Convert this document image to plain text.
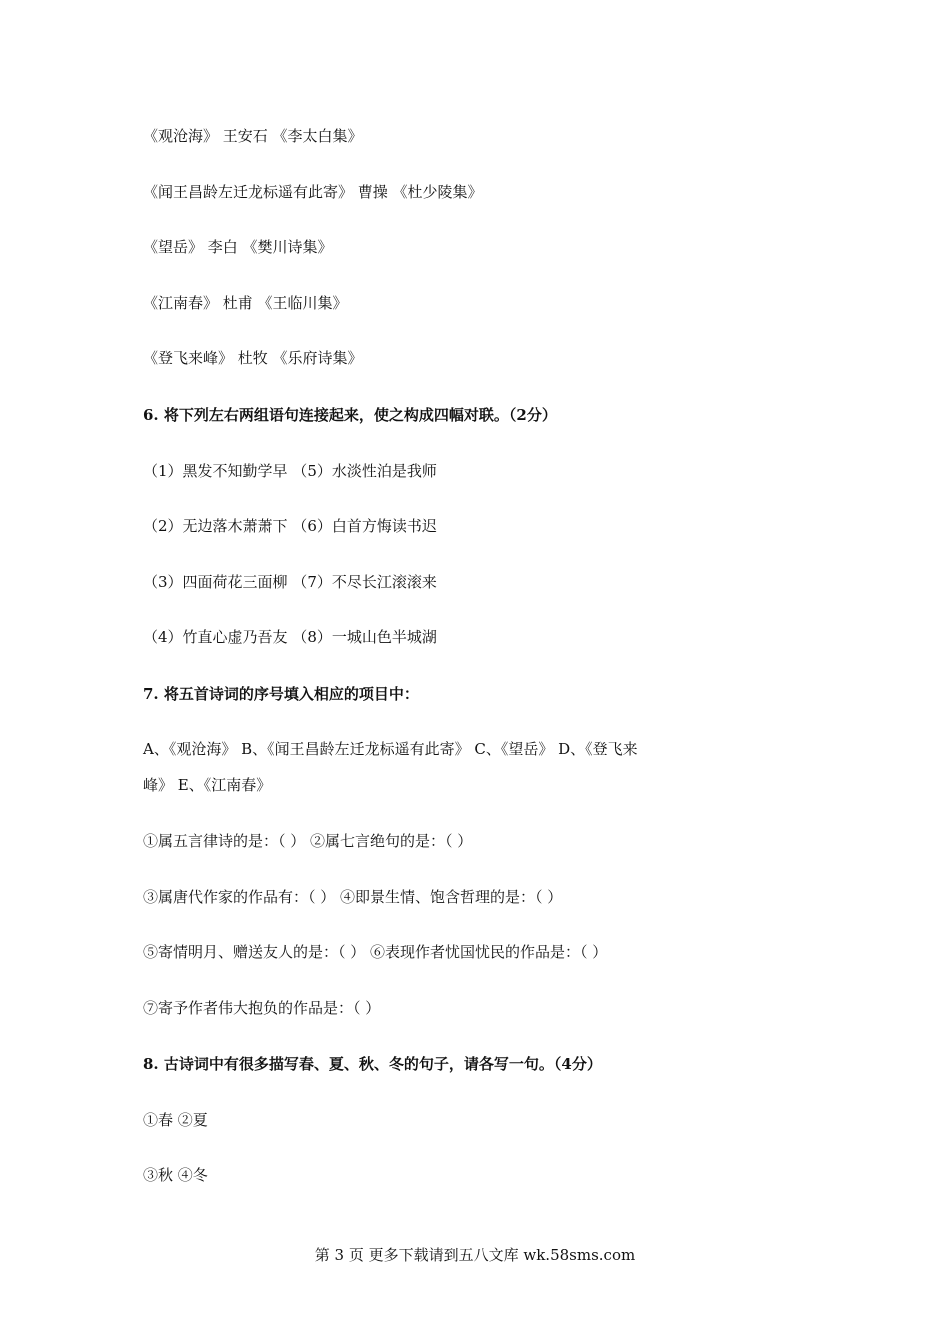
《观沧海》 王安石 《李太白集》
《闻王昌龄左迁龙标遥有此寄》 曹操 《杜少陵集》
《望岳》 李白 《樊川诗集》
《江南春》 杜甫 《王临川集》
《登飞来峰》 杜牧 《乐府诗集》
6. 将下列左右两组语句连接起来，使之构成四幅对联。（2分）
（1）黑发不知勤学早 （5）水淡性泊是我师
（2）无边落木萧萧下 （6）白首方悔读书迟
（3）四面荷花三面柳 （7）不尽长江滚滚来
（4）竹直心虚乃吾友 （8）一城山色半城湖
7. 将五首诗词的序号填入相应的项目中：
A、《观沧海》 B、《闻王昌龄左迁龙标遥有此寄》 C、《望岳》 D、《登飞来
峰》 E、《江南春》
①属五言律诗的是：（ ） ②属七言绝句的是：（ ）
③属唐代作家的作品有：（ ） ④即景生情、饱含哲理的是：（ ）
⑤寄情明月、赠送友人的是：（ ） ⑥表现作者忧国忧民的作品是：（ ）
⑦寄予作者伟大抱负的作品是：（ ）
8. 古诗词中有很多描写春、夏、秋、冬的句子，请各写一句。（4分）
①春 ②夏
③秋 ④冬
第 3 页 更多下载请到五八文库 wk.58sms.com
